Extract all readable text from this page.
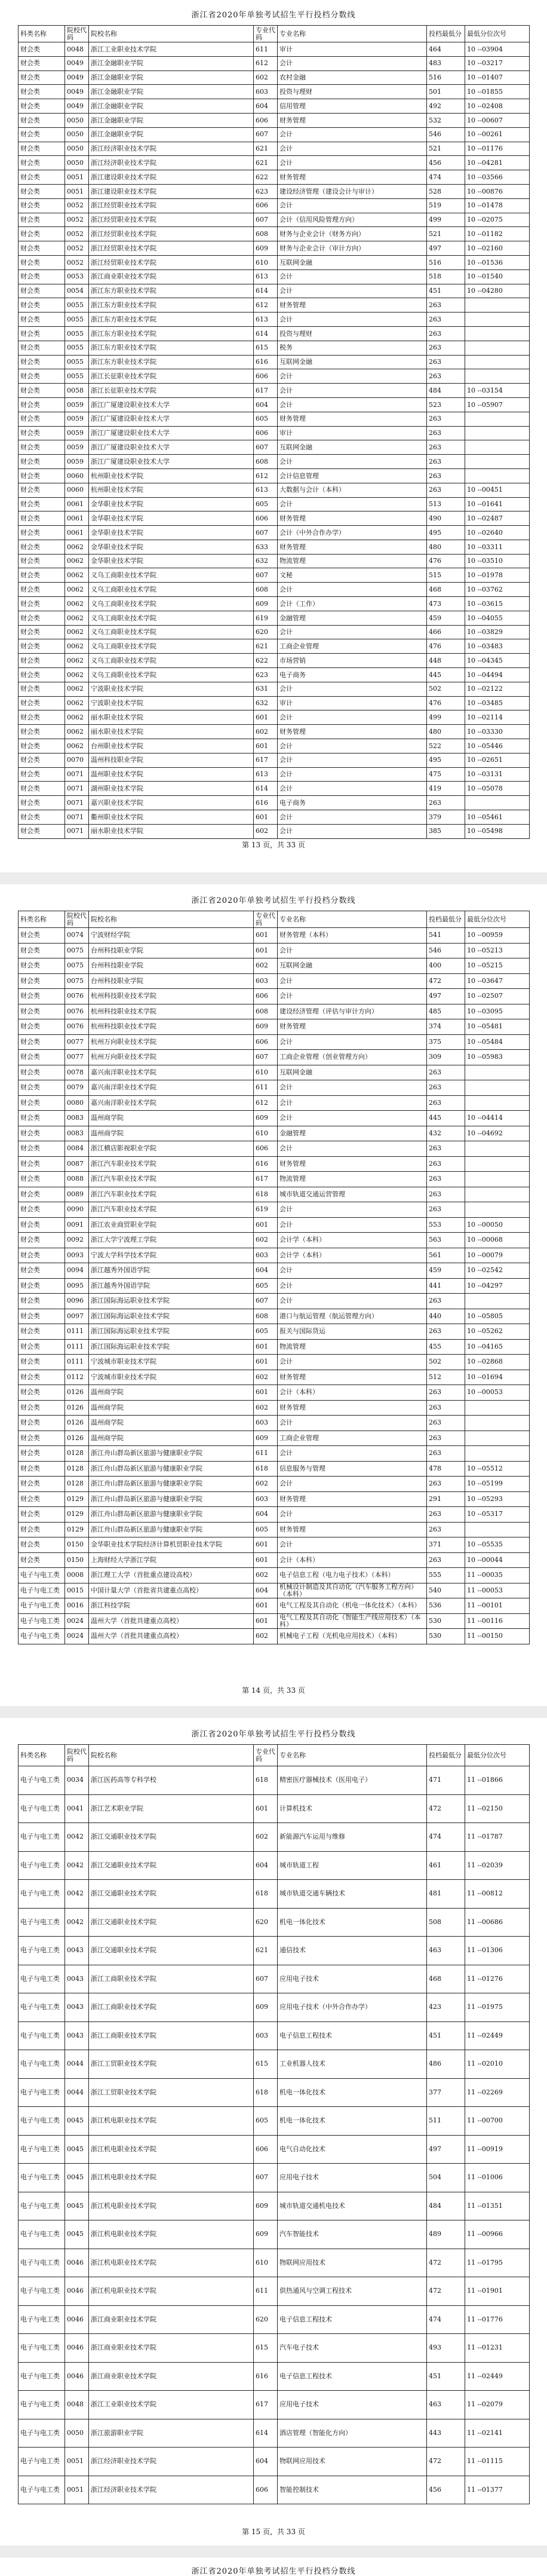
浙江省2020年单独考试招生平行投档分数线
科类名称	院校代码	院校名称	专业代码	专业名称	投档最低分	最低分位次号
财会类	0048	浙江工业职业技术学院	611	审计	464	10 --03904
财会类	0049	浙江金融职业学院	612	会计	483	10 --03217
财会类	0049	浙江金融职业学院	602	农村金融	516	10 --01407
财会类	0049	浙江金融职业学院	603	投资与理财	501	10 --01855
财会类	0049	浙江金融职业学院	604	信用管理	492	10 --02408
财会类	0050	浙江金融职业学院	606	财务管理	532	10 --00607
财会类	0050	浙江金融职业学院	607	会计	546	10 --00261
财会类	0050	浙江经济职业技术学院	621	会计	521	10 --01176
财会类	0050	浙江经济职业技术学院	621	会计	456	10 --04281
财会类	0051	浙江建设职业技术学院	622	财务管理	474	10 --03566
财会类	0051	浙江建设职业技术学院	623	建设经济管理（建设会计与审计）	528	10 --00876
财会类	0052	浙江经贸职业技术学院	606	会计	519	10 --01478
财会类	0052	浙江经贸职业技术学院	607	会计（信用风险管理方向）	499	10 --02075
财会类	0052	浙江经贸职业技术学院	608	财务与企业会计（财务方向）	521	10 --01182
财会类	0052	浙江经贸职业技术学院	609	财务与企业会计（审计方向）	497	10 --02160
财会类	0052	浙江经贸职业技术学院	610	互联网金融	516	10 --01536
财会类	0053	浙江商业职业技术学院	613	会计	518	10 --01540
财会类	0054	浙江东方职业技术学院	614	会计	451	10 --04280
财会类	0055	浙江东方职业技术学院	612	财务管理	263	
财会类	0055	浙江东方职业技术学院	613	会计	263	
财会类	0055	浙江东方职业技术学院	614	投资与理财	263	
财会类	0055	浙江东方职业技术学院	615	税务	263	
财会类	0055	浙江东方职业技术学院	616	互联网金融	263	
财会类	0055	浙江长征职业技术学院	606	会计	263	
财会类	0058	浙江长征职业技术学院	617	会计	484	10 --03154
财会类	0059	浙江广厦建设职业技术大学	604	会计	523	10 --05907
财会类	0059	浙江广厦建设职业技术大学	605	财务管理	263	
财会类	0059	浙江广厦建设职业技术大学	606	审计	263	
财会类	0059	浙江广厦建设职业技术大学	607	互联网金融	263	
财会类	0059	浙江广厦建设职业技术大学	608	会计	263	
财会类	0060	杭州职业技术学院	612	会计信息管理	263	
财会类	0060	杭州职业技术学院	613	大数据与会计（本科）	263	10 --00451
财会类	0061	金华职业技术学院	605	会计	513	10 --01641
财会类	0061	金华职业技术学院	606	财务管理	490	10 --02487
财会类	0061	金华职业技术学院	607	会计（中外合作办学）	495	10 --02640
财会类	0062	金华职业技术学院	633	财务管理	480	10 --03311
财会类	0062	金华职业技术学院	632	物流管理	476	10 --03510
财会类	0062	义乌工商职业技术学院	607	文秘	515	10 --01978
财会类	0062	义乌工商职业技术学院	608	会计	468	10 --03762
财会类	0062	义乌工商职业技术学院	609	会计（工作）	473	10 --03615
财会类	0062	义乌工商职业技术学院	619	金融管理	459	10 --04055
财会类	0062	义乌工商职业技术学院	620	会计	466	10 --03829
财会类	0062	义乌工商职业技术学院	621	工商企业管理	476	10 --03483
财会类	0062	义乌工商职业技术学院	622	市场营销	448	10 --04345
财会类	0062	义乌工商职业技术学院	623	电子商务	445	10 --04494
财会类	0062	宁波职业技术学院	631	会计	502	10 --02122
财会类	0062	宁波职业技术学院	632	审计	476	10 --03485
财会类	0062	丽水职业技术学院	601	会计	499	10 --02114
财会类	0062	丽水职业技术学院	602	财务管理	480	10 --03330
财会类	0062	台州职业技术学院	601	会计	522	10 --05446
财会类	0070	温州科技职业学院	617	会计	495	10 --02651
财会类	0071	温州职业技术学院	613	会计	475	10 --03131
财会类	0071	湖州职业技术学院	614	会计	419	10 --05078
财会类	0071	嘉兴职业技术学院	616	电子商务	263	
财会类	0071	衢州职业技术学院	601	会计	379	10 --05461
财会类	0071	丽水职业技术学院	602	会计	385	10 --05498
第 13 页，共 33 页
浙江省2020年单独考试招生平行投档分数线
科类名称	院校代码	院校名称	专业代码	专业名称	投档最低分	最低分位次号
财会类	0074	宁波财经学院	601	财务管理（本科）	541	10 --00959
财会类	0075	台州科技职业学院	601	会计	546	10 --05213
财会类	0075	台州科技职业学院	602	互联网金融	400	10 --05215
财会类	0075	台州科技职业学院	603	会计	472	10 --03647
财会类	0076	杭州科技职业技术学院	606	会计	497	10 --02507
财会类	0076	杭州科技职业技术学院	608	建设经济管理（评估与审计方向）	485	10 --03095
财会类	0076	杭州科技职业技术学院	609	财务管理	374	10 --05481
财会类	0077	杭州万向职业技术学院	606	会计	375	10 --05484
财会类	0077	杭州万向职业技术学院	607	工商企业管理（创业管理方向）	309	10 --05983
财会类	0078	嘉兴南洋职业技术学院	610	互联网金融	263	
财会类	0079	嘉兴南洋职业技术学院	611	会计	263	
财会类	0080	嘉兴南洋职业技术学院	612	会计	263	
财会类	0083	温州商学院	609	会计	445	10 --04414
财会类	0083	温州商学院	610	金融管理	432	10 --04692
财会类	0084	浙江横店影视职业学院	606	会计	263	
财会类	0087	浙江汽车职业技术学院	616	财务管理	263	
财会类	0088	浙江汽车职业技术学院	617	物流管理	263	
财会类	0089	浙江汽车职业技术学院	618	城市轨道交通运营管理	263	
财会类	0090	浙江汽车职业技术学院	619	会计	263	
财会类	0091	浙江农业商贸职业学院	601	会计	553	10 --00050
财会类	0092	浙江大学宁波理工学院	602	会计学（本科）	563	10 --00068
财会类	0093	宁波大学科学技术学院	603	会计学（本科）	561	10 --00079
财会类	0094	浙江越秀外国语学院	604	会计	459	10 --02542
财会类	0095	浙江越秀外国语学院	605	会计	441	10 --04297
财会类	0096	浙江国际海运职业技术学院	607	会计	263	
财会类	0097	浙江国际海运职业技术学院	608	港口与航运管理（航运管理方向）	440	10 --05805
财会类	0111	浙江国际海运职业技术学院	605	报关与国际货运	263	10 --05262
财会类	0111	浙江国际海运职业技术学院	601	物流管理	455	10 --04165
财会类	0111	宁波城市职业技术学院	601	会计	502	10 --02868
财会类	0112	宁波城市职业技术学院	602	财务管理	512	10 --01694
财会类	0126	温州商学院	601	会计（本科）	263	10 --00053
财会类	0126	温州商学院	602	财务管理	263	
财会类	0126	温州商学院	603	会计	263	
财会类	0126	温州商学院	609	工商企业管理	263	
财会类	0128	浙江舟山群岛新区旅游与健康职业学院	611	会计	263	
财会类	0128	浙江舟山群岛新区旅游与健康职业学院	618	信息服务与管理	478	10 --05512
财会类	0128	浙江舟山群岛新区旅游与健康职业学院	602	会计	263	10 --05199
财会类	0129	浙江舟山群岛新区旅游与健康职业学院	603	财务管理	291	10 --05293
财会类	0129	浙江舟山群岛新区旅游与健康职业学院	604	会计	263	10 --05317
财会类	0129	浙江舟山群岛新区旅游与健康职业学院	605	财务管理	263	
财会类	0150	金华职业技术学院经济计算机贸职业技术学院	601	会计	371	10 --05535
财会类	0150	上海财经大学浙江学院	601	会计（本科）	263	10 --00044
电子与电工类	0008	浙江理工大学（首批重点建设高校）	602	电子信息工程（电力电子技术）（本科）	555	11 --00035
电子与电工类	0015	中国计量大学（首批省共建重点高校）	604	机械设计制造及其自动化（汽车服务工程方向）（本科）	540	11 --00053
电子与电工类	0016	浙江科技学院	601	电气工程及其自动化（机电一体化技术）（本科）	536	11 --00101
电子与电工类	0024	温州大学（首批共建重点高校）	601	电气工程及其自动化（智能生产线应用技术）（本科）	530	11 --00116
电子与电工类	0024	温州大学（首批共建重点高校）	602	机械电子工程（光机电应用技术）（本科）	530	11 --00150
第 14 页，共 33 页
浙江省2020年单独考试招生平行投档分数线
科类名称	院校代码	院校名称	专业代码	专业名称	投档最低分	最低分位次号
电子与电工类	0034	浙江医药高等专科学校	618	精密医疗器械技术（医用电子）	471	11 --01866
电子与电工类	0041	浙江艺术职业学院	601	计算机技术	472	11 --02150
电子与电工类	0042	浙江交通职业技术学院	602	新能源汽车运用与维修	474	11 --01787
电子与电工类	0042	浙江交通职业技术学院	604	城市轨道工程	461	11 --02039
电子与电工类	0042	浙江交通职业技术学院	618	城市轨道交通车辆技术	481	11 --00812
电子与电工类	0042	浙江交通职业技术学院	620	机电一体化技术	508	11 --00686
电子与电工类	0043	浙江交通职业技术学院	621	通信技术	463	11 --01306
电子与电工类	0043	浙江工商职业技术学院	607	应用电子技术	468	11 --01276
电子与电工类	0043	浙江工商职业技术学院	609	应用电子技术（中外合作办学）	423	11 --01975
电子与电工类	0043	浙江工商职业技术学院	603	电子信息工程技术	451	11 --02449
电子与电工类	0044	浙江工贸职业技术学院	615	工业机器人技术	486	11 --02010
电子与电工类	0044	浙江工贸职业技术学院	618	机电一体化技术	377	11 --02269
电子与电工类	0045	浙江机电职业技术学院	605	机电一体化技术	511	11 --00700
电子与电工类	0045	浙江机电职业技术学院	606	电气自动化技术	497	11 --00919
电子与电工类	0045	浙江机电职业技术学院	607	应用电子技术	504	11 --01006
电子与电工类	0045	浙江机电职业技术学院	609	城市轨道交通机电技术	484	11 --01351
电子与电工类	0045	浙江机电职业技术学院	609	汽车智能技术	489	11 --00966
电子与电工类	0046	浙江机电职业技术学院	610	物联网应用技术	472	11 --01795
电子与电工类	0046	浙江机电职业技术学院	611	供热通风与空调工程技术	472	11 --01901
电子与电工类	0046	浙江商业职业技术学院	620	电子信息工程技术	474	11 --01776
电子与电工类	0046	浙江商业职业技术学院	615	汽车电子技术	493	11 --01231
电子与电工类	0046	浙江商业职业技术学院	616	电子信息工程技术	451	11 --02449
电子与电工类	0048	浙江工业职业技术学院	617	应用电子技术	463	11 --02079
电子与电工类	0050	浙江旅游职业学院	614	酒店管理（智能化方向）	443	11 --02141
电子与电工类	0051	浙江经济职业技术学院	604	物联网应用技术	472	11 --01115
电子与电工类	0051	浙江经济职业技术学院	606	智能控制技术	456	11 --01377
第 15 页，共 33 页
浙江省2020年单独考试招生平行投档分数线
